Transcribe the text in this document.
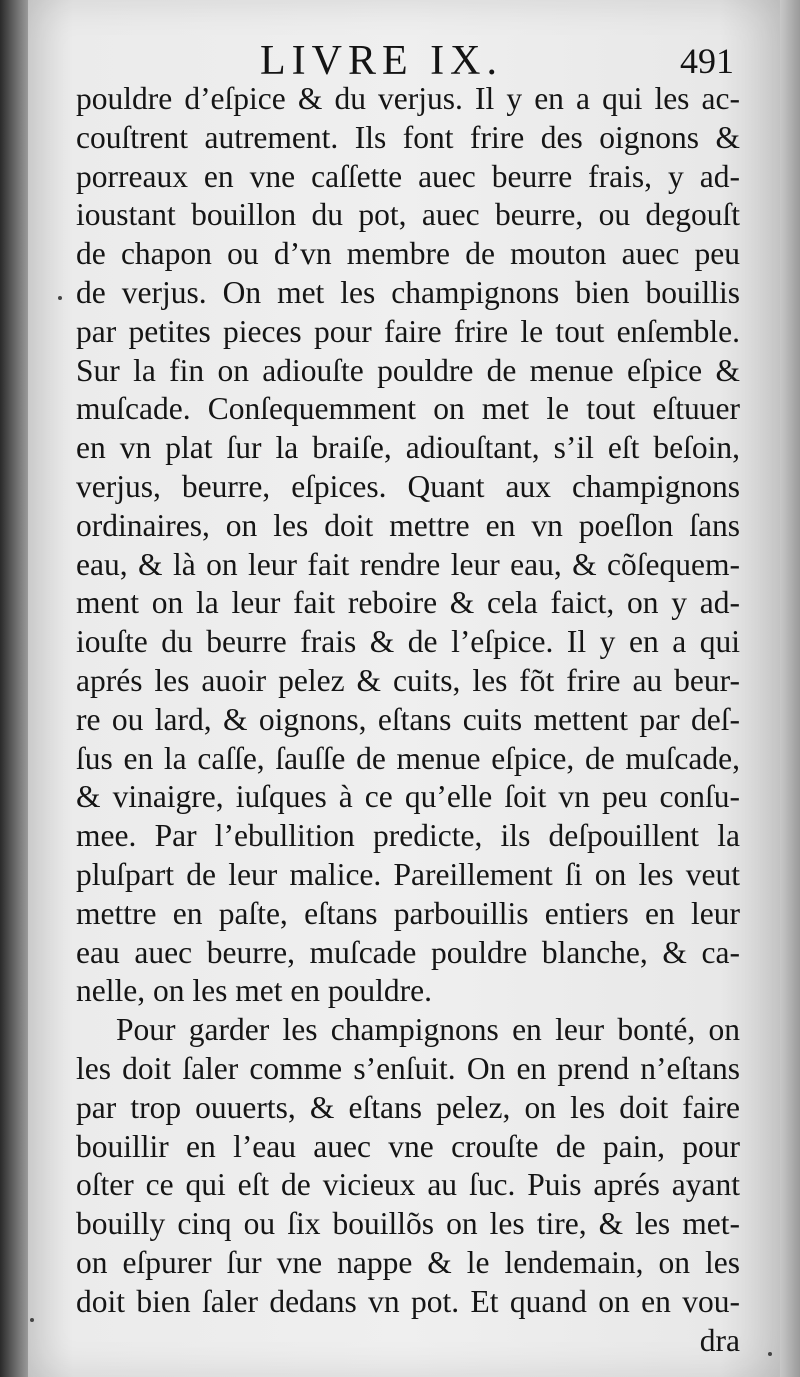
LIVRE IX.	491
pouldre d’eſpice & du verjus. Il y en a qui les ac-
couſtrent autrement. Ils font frire des oignons &
porreaux en vne caſſette auec beurre frais, y ad-
ioustant bouillon du pot, auec beurre, ou degouſt
de chapon ou d’vn membre de mouton auec peu
de verjus. On met les champignons bien bouillis
par petites pieces pour faire frire le tout enſemble.
Sur la fin on adiouſte pouldre de menue eſpice &
muſcade. Conſequemment on met le tout eſtuuer
en vn plat ſur la braiſe, adiouſtant, s’il eſt beſoin,
verjus, beurre, eſpices. Quant aux champignons
ordinaires, on les doit mettre en vn poeſlon ſans
eau, & là on leur fait rendre leur eau, & cõſequem-
ment on la leur fait reboire & cela faict, on y ad-
iouſte du beurre frais & de l’eſpice. Il y en a qui
aprés les auoir pelez & cuits, les fõt frire au beur-
re ou lard, & oignons, eſtans cuits mettent par deſ-
ſus en la caſſe, ſauſſe de menue eſpice, de muſcade,
& vinaigre, iuſques à ce qu’elle ſoit vn peu conſu-
mee. Par l’ebullition predicte, ils deſpouillent la
pluſpart de leur malice. Pareillement ſi on les veut
mettre en paſte, eſtans parbouillis entiers en leur
eau auec beurre, muſcade pouldre blanche, & ca-
nelle, on les met en pouldre.
Pour garder les champignons en leur bonté, on
les doit ſaler comme s’enſuit. On en prend n’eſtans
par trop ouuerts, & eſtans pelez, on les doit faire
bouillir en l’eau auec vne crouſte de pain, pour
oſter ce qui eſt de vicieux au ſuc. Puis aprés ayant
bouilly cinq ou ſix bouillõs on les tire, & les met-
on eſpurer ſur vne nappe & le lendemain, on les
doit bien ſaler dedans vn pot. Et quand on en vou-
dra
